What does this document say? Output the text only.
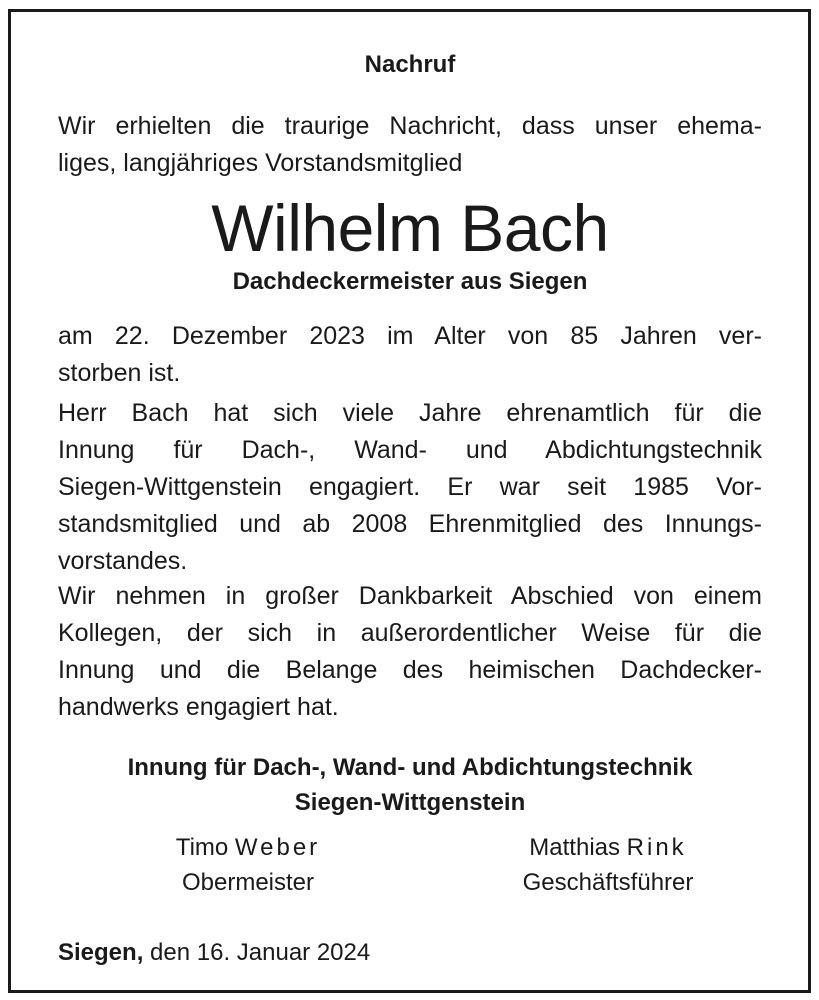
Nachruf
Wir erhielten die traurige Nachricht, dass unser ehema-
liges, langjähriges Vorstandsmitglied
Wilhelm Bach
Dachdeckermeister aus Siegen
am 22. Dezember 2023 im Alter von 85 Jahren ver-
storben ist.
Herr Bach hat sich viele Jahre ehrenamtlich für die
Innung für Dach-, Wand- und Abdichtungstechnik
Siegen-Wittgenstein engagiert. Er war seit 1985 Vor-
standsmitglied und ab 2008 Ehrenmitglied des Innungs-
vorstandes.
Wir nehmen in großer Dankbarkeit Abschied von einem
Kollegen, der sich in außerordentlicher Weise für die
Innung und die Belange des heimischen Dachdecker-
handwerks engagiert hat.
Innung für Dach-, Wand- und Abdichtungstechnik
Siegen-Wittgenstein
Timo Weber
Obermeister
Matthias Rink
Geschäftsführer
Siegen, den 16. Januar 2024
